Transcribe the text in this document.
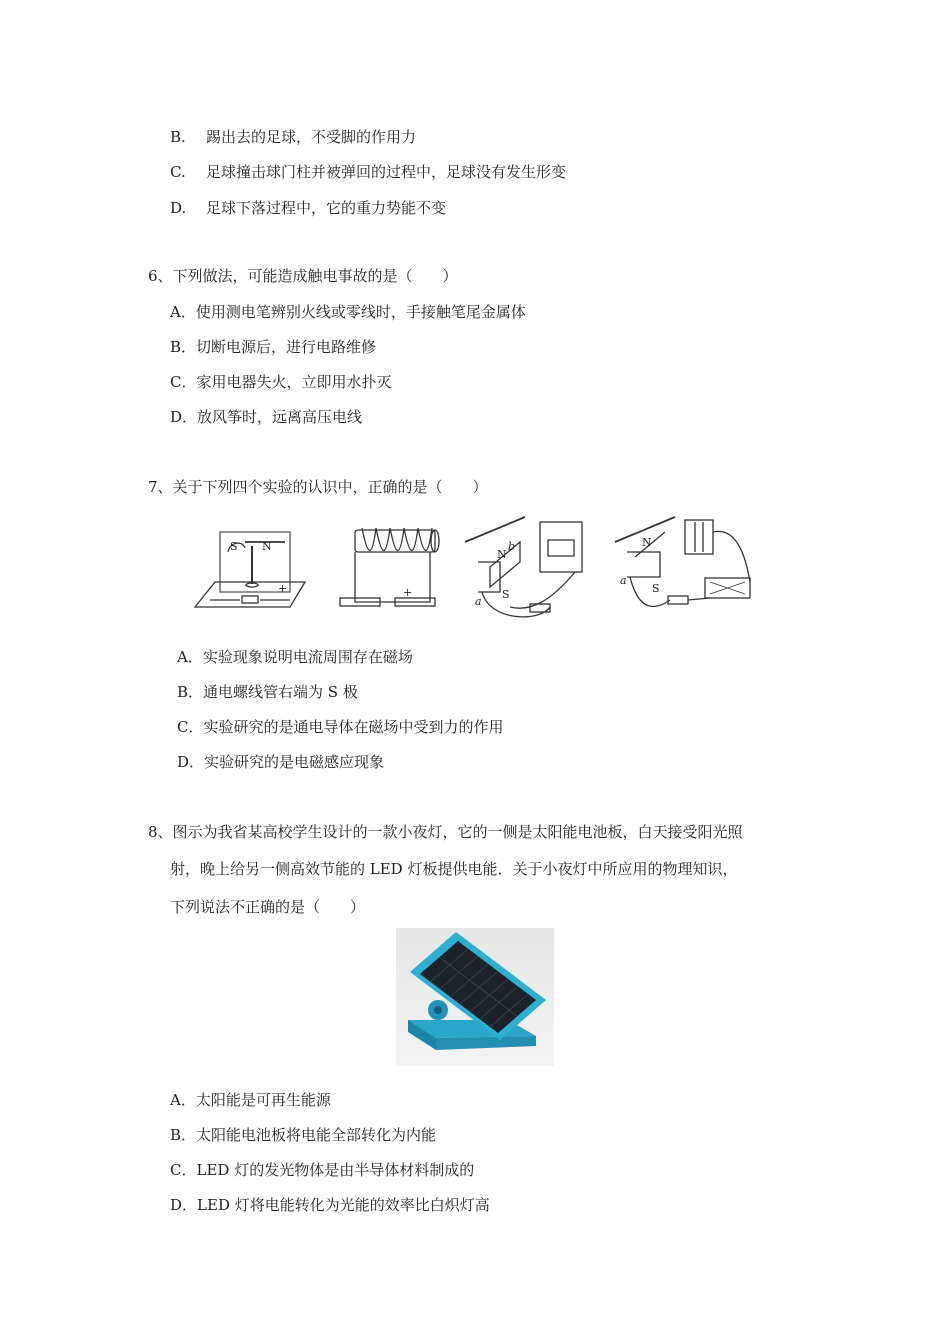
B. 踢出去的足球，不受脚的作用力
C. 足球撞击球门柱并被弹回的过程中，足球没有发生形变
D. 足球下落过程中，它的重力势能不变
6、下列做法，可能造成触电事故的是（　　）
A．使用测电笔辨别火线或零线时，手接触笔尾金属体
B．切断电源后，进行电路维修
C．家用电器失火，立即用水扑灭
D．放风筝时，远离高压电线
7、关于下列四个实验的认识中，正确的是（　　）
S N
-
+	+
a
b
S
N
a
N
S
A．实验现象说明电流周围存在磁场
B．通电螺线管右端为 S 极
C．实验研究的是通电导体在磁场中受到力的作用
D．实验研究的是电磁感应现象
8、图示为我省某高校学生设计的一款小夜灯，它的一侧是太阳能电池板，白天接受阳光照
射，晚上给另一侧高效节能的 LED 灯板提供电能．关于小夜灯中所应用的物理知识，
下列说法不正确的是（　　）
A．太阳能是可再生能源
B．太阳能电池板将电能全部转化为内能
C．LED 灯的发光物体是由半导体材料制成的
D．LED 灯将电能转化为光能的效率比白炽灯高
